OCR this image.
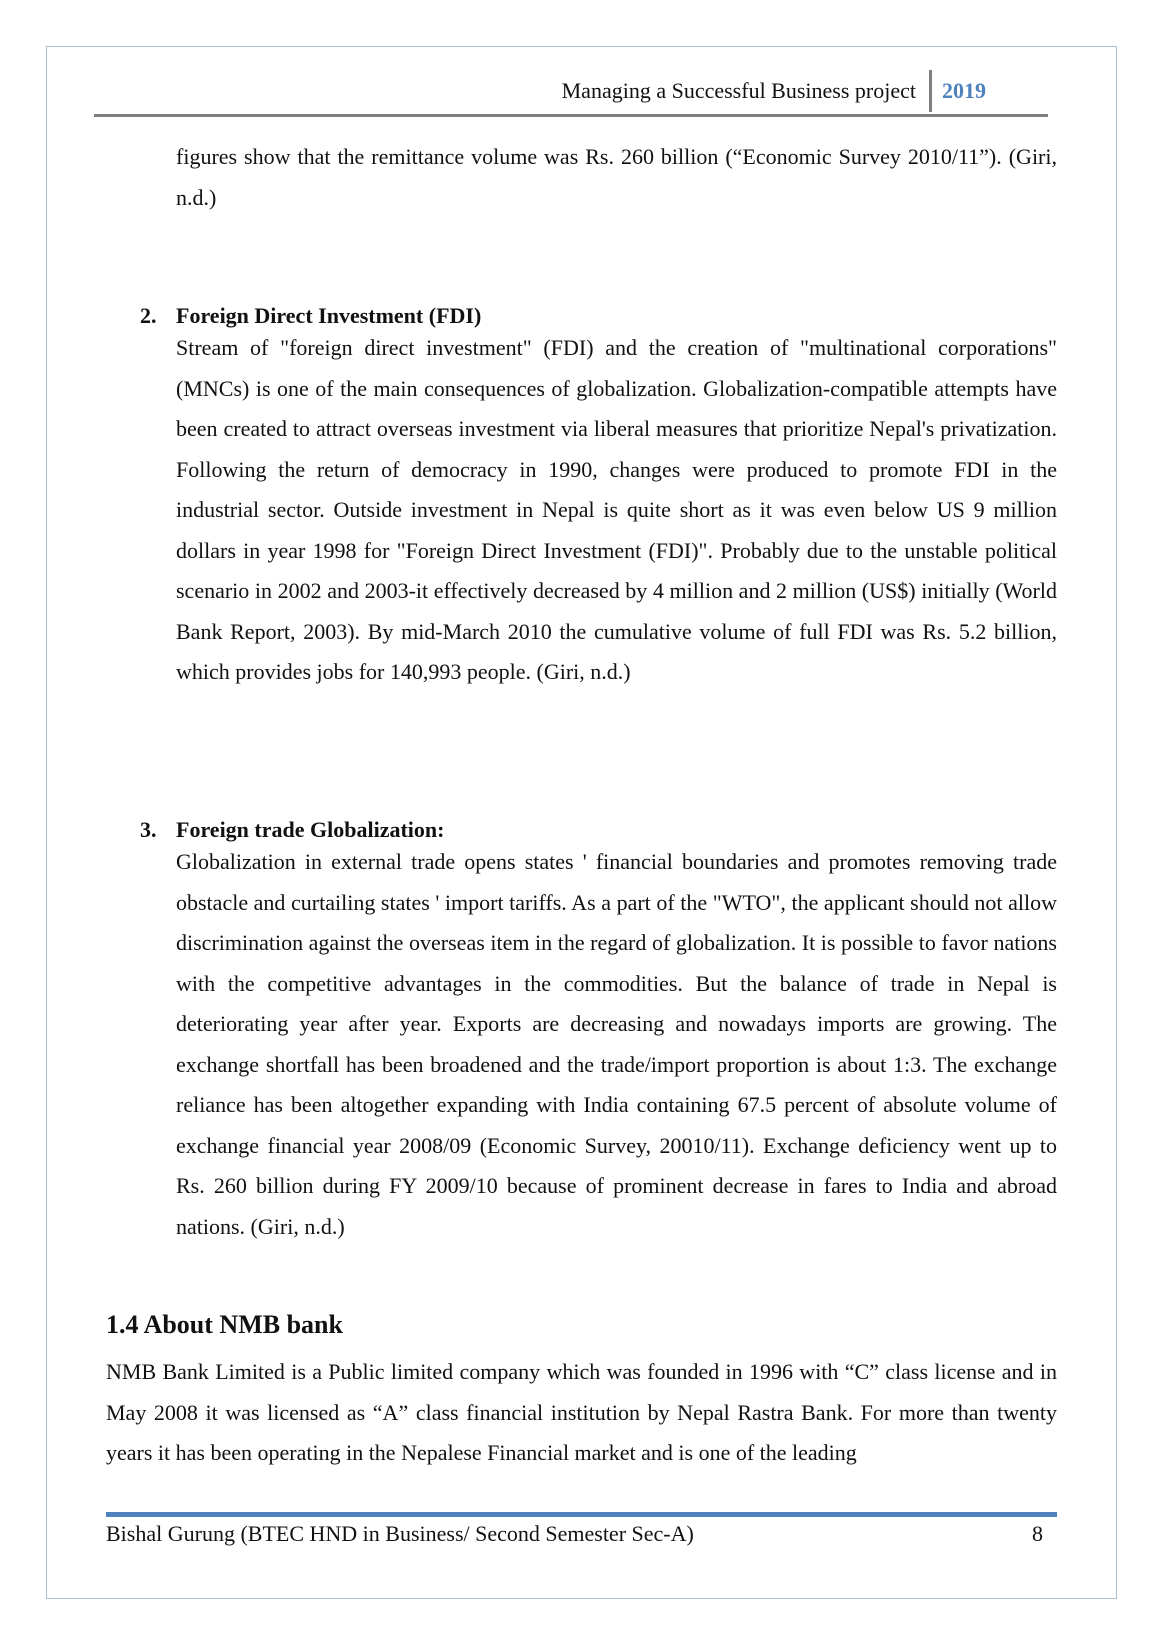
Managing a Successful Business project 2019
figures show that the remittance volume was Rs. 260 billion (“Economic Survey 2010/11”). (Giri, n.d.)
2. Foreign Direct Investment (FDI)
Stream of "foreign direct investment" (FDI) and the creation of "multinational corporations" (MNCs) is one of the main consequences of globalization. Globalization-compatible attempts have been created to attract overseas investment via liberal measures that prioritize Nepal's privatization. Following the return of democracy in 1990, changes were produced to promote FDI in the industrial sector. Outside investment in Nepal is quite short as it was even below US 9 million dollars in year 1998 for "Foreign Direct Investment (FDI)". Probably due to the unstable political scenario in 2002 and 2003-it effectively decreased by 4 million and 2 million (US$) initially (World Bank Report, 2003). By mid-March 2010 the cumulative volume of full FDI was Rs. 5.2 billion, which provides jobs for 140,993 people. (Giri, n.d.)
3. Foreign trade Globalization:
Globalization in external trade opens states ' financial boundaries and promotes removing trade obstacle and curtailing states ' import tariffs. As a part of the "WTO", the applicant should not allow discrimination against the overseas item in the regard of globalization. It is possible to favor nations with the competitive advantages in the commodities. But the balance of trade in Nepal is deteriorating year after year. Exports are decreasing and nowadays imports are growing. The exchange shortfall has been broadened and the trade/import proportion is about 1:3. The exchange reliance has been altogether expanding with India containing 67.5 percent of absolute volume of exchange financial year 2008/09 (Economic Survey, 20010/11). Exchange deficiency went up to Rs. 260 billion during FY 2009/10 because of prominent decrease in fares to India and abroad nations. (Giri, n.d.)
1.4 About NMB bank
NMB Bank Limited is a Public limited company which was founded in 1996 with “C” class license and in May 2008 it was licensed as “A” class financial institution by Nepal Rastra Bank. For more than twenty years it has been operating in the Nepalese Financial market and is one of the leading
Bishal Gurung (BTEC HND in Business/ Second Semester Sec-A)	8
